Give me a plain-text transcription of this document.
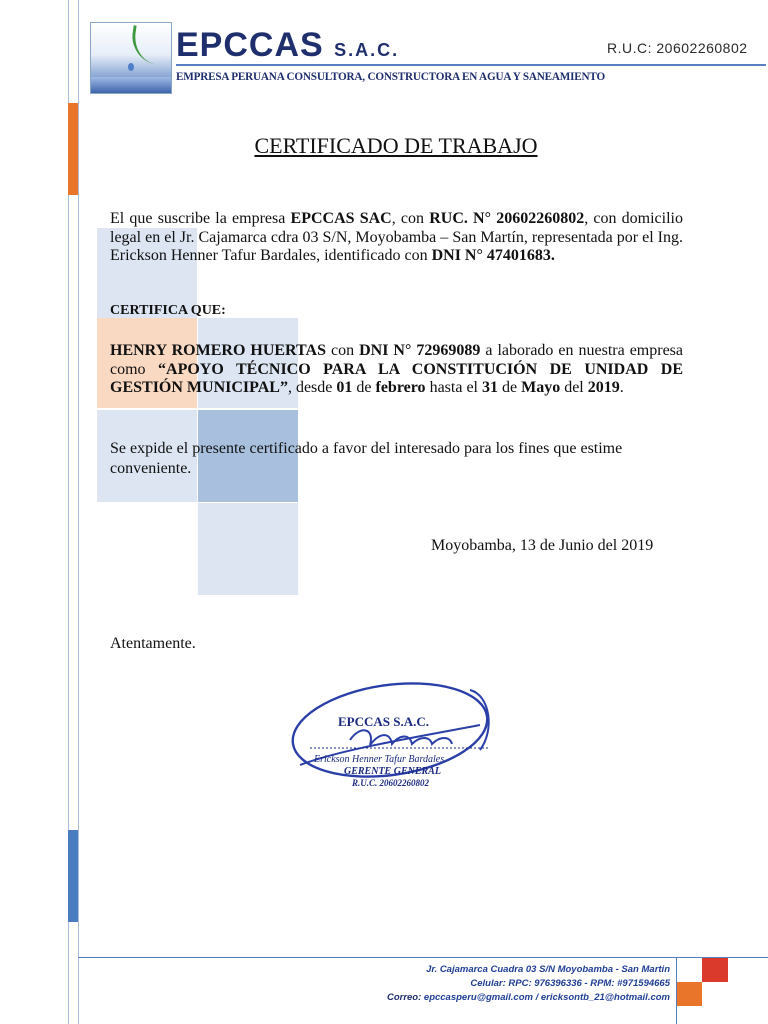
EPCCAS S.A.C.	R.U.C: 20602260802
EMPRESA PERUANA CONSULTORA, CONSTRUCTORA EN AGUA Y SANEAMIENTO
CERTIFICADO DE TRABAJO
El que suscribe la empresa EPCCAS SAC, con RUC. N° 20602260802, con domicilio legal en el Jr. Cajamarca cdra 03 S/N, Moyobamba – San Martín, representada por el Ing. Erickson Henner Tafur Bardales, identificado con DNI N° 47401683.
CERTIFICA QUE:
HENRY ROMERO HUERTAS con DNI N° 72969089 a laborado en nuestra empresa como “APOYO TÉCNICO PARA LA CONSTITUCIÓN DE UNIDAD DE GESTIÓN MUNICIPAL”, desde 01 de febrero hasta el 31 de Mayo del 2019.
Se expide el presente certificado a favor del interesado para los fines que estime conveniente.
Moyobamba, 13 de Junio del 2019
Atentamente.
EPCCAS S.A.C.
Erickson Henner Tafur Bardales
GERENTE GENERAL
R.U.C. 20602260802
Jr. Cajamarca Cuadra 03 S/N Moyobamba - San Martin
Celular: RPC: 976396336 - RPM: #971594665
Correo: epccasperu@gmail.com / ericksontb_21@hotmail.com
